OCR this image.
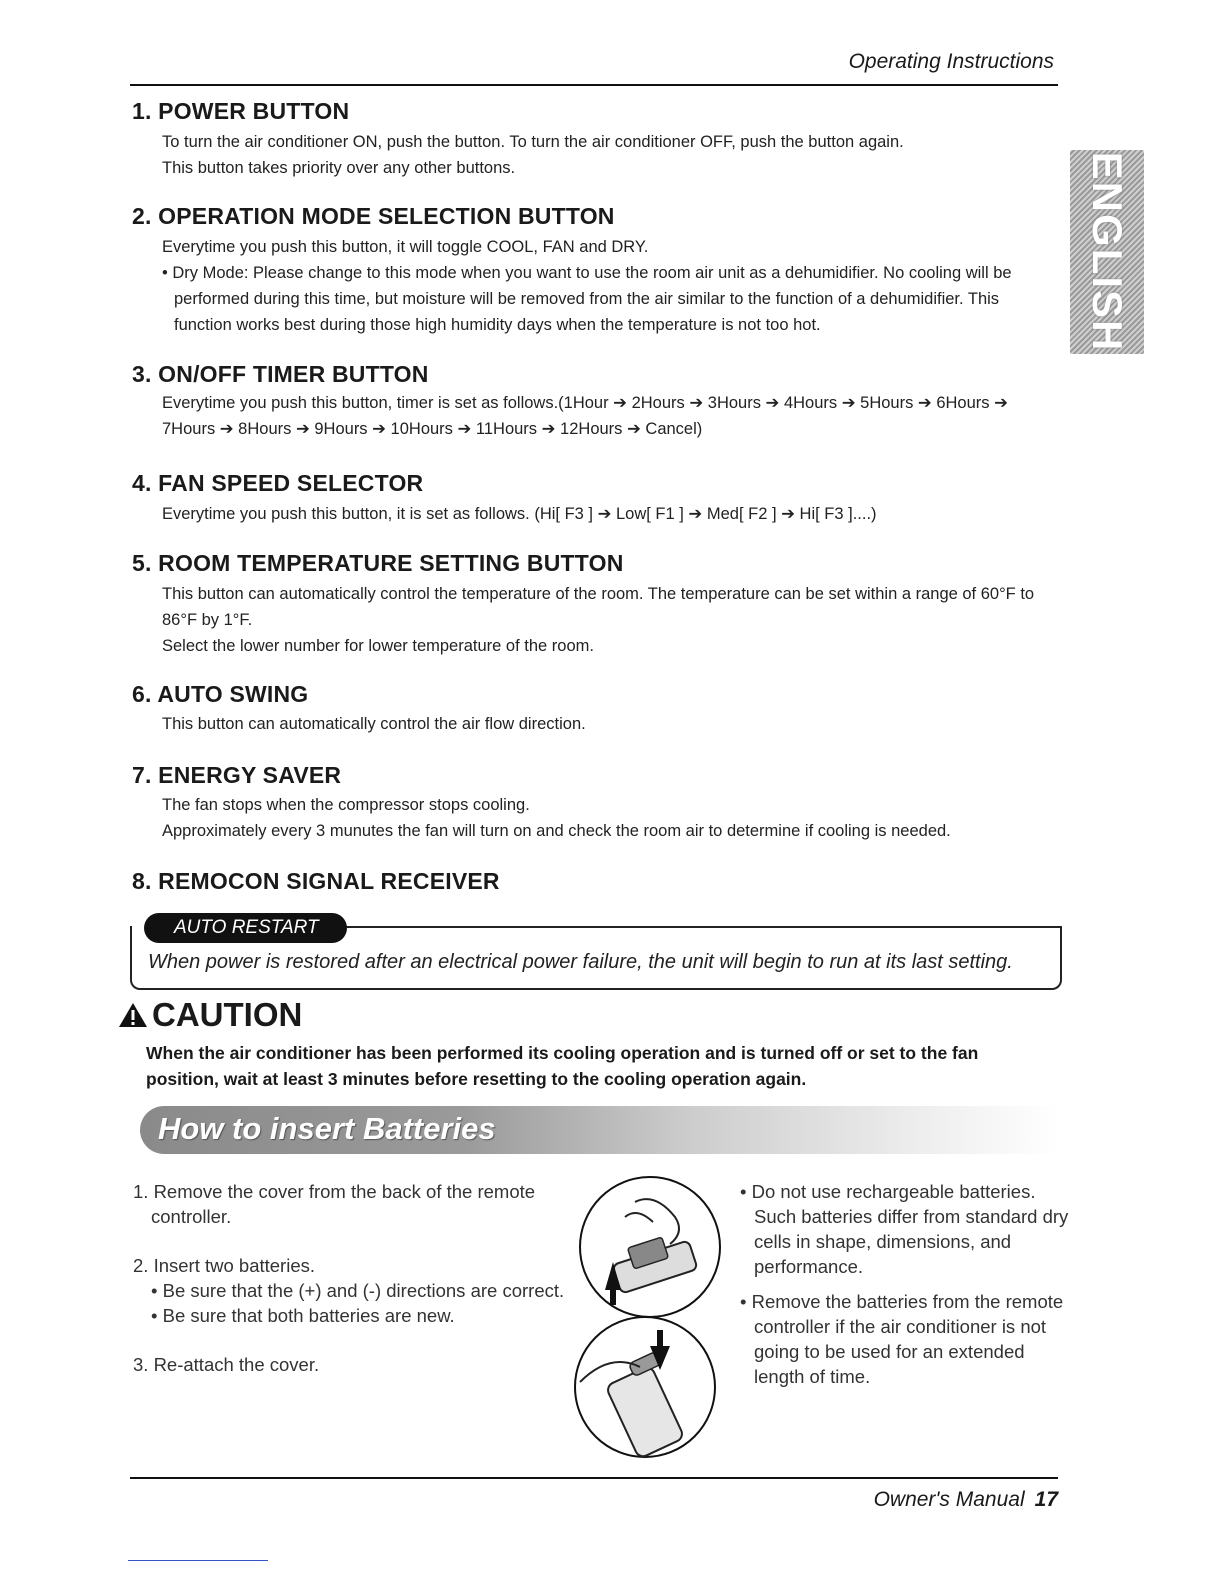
Operating Instructions
ENGLISH
1. POWER BUTTON

To turn the air conditioner ON, push the button. To turn the air conditioner OFF, push the button again.

This button takes priority over any other buttons.

2. OPERATION MODE SELECTION BUTTON

Everytime you push this button, it will toggle COOL, FAN and DRY.

• Dry Mode: Please change to this mode when you want to use the room air unit as a dehumidifier. No cooling will be performed during this time, but moisture will be removed from the air similar to the function of a dehumidifier. This function works best during those high humidity days when the temperature is not too hot.

3. ON/OFF TIMER BUTTON

Everytime you push this button, timer is set as follows.(1Hour ➔ 2Hours ➔ 3Hours ➔ 4Hours ➔ 5Hours ➔ 6Hours ➔ 7Hours ➔ 8Hours ➔ 9Hours ➔ 10Hours ➔ 11Hours ➔ 12Hours ➔ Cancel)

4. FAN SPEED SELECTOR

Everytime you push this button, it is set as follows. (Hi[ F3 ] ➔ Low[ F1 ] ➔ Med[ F2 ] ➔ Hi[ F3 ]....)

5. ROOM TEMPERATURE SETTING BUTTON

This button can automatically control the temperature of the room. The temperature can be set within a range of 60°F to 86°F by 1°F.

Select the lower number for lower temperature of the room.

6. AUTO SWING

This button can automatically control the air flow direction.

7. ENERGY SAVER

The fan stops when the compressor stops cooling.

Approximately every 3 munutes the fan will turn on and check the room air to determine if cooling is needed.

8. REMOCON SIGNAL RECEIVER
AUTO RESTART
When power is restored after an electrical power failure, the unit will begin to run at its last setting.
CAUTION
When the air conditioner has been performed its cooling operation and is turned off or set to the fan position, wait at least 3 minutes before resetting to the cooling operation again.
How to insert Batteries

1. Remove the cover from the back of the remote controller.

2. Insert two batteries.

• Be sure that the (+) and (-) directions are correct.

• Be sure that both batteries are new.

3. Re-attach the cover.

• Do not use rechargeable batteries. Such batteries differ from standard dry cells in shape, dimensions, and performance.

• Remove the batteries from the remote controller if the air conditioner is not going to be used for an extended length of time.

Owner's Manual 17
